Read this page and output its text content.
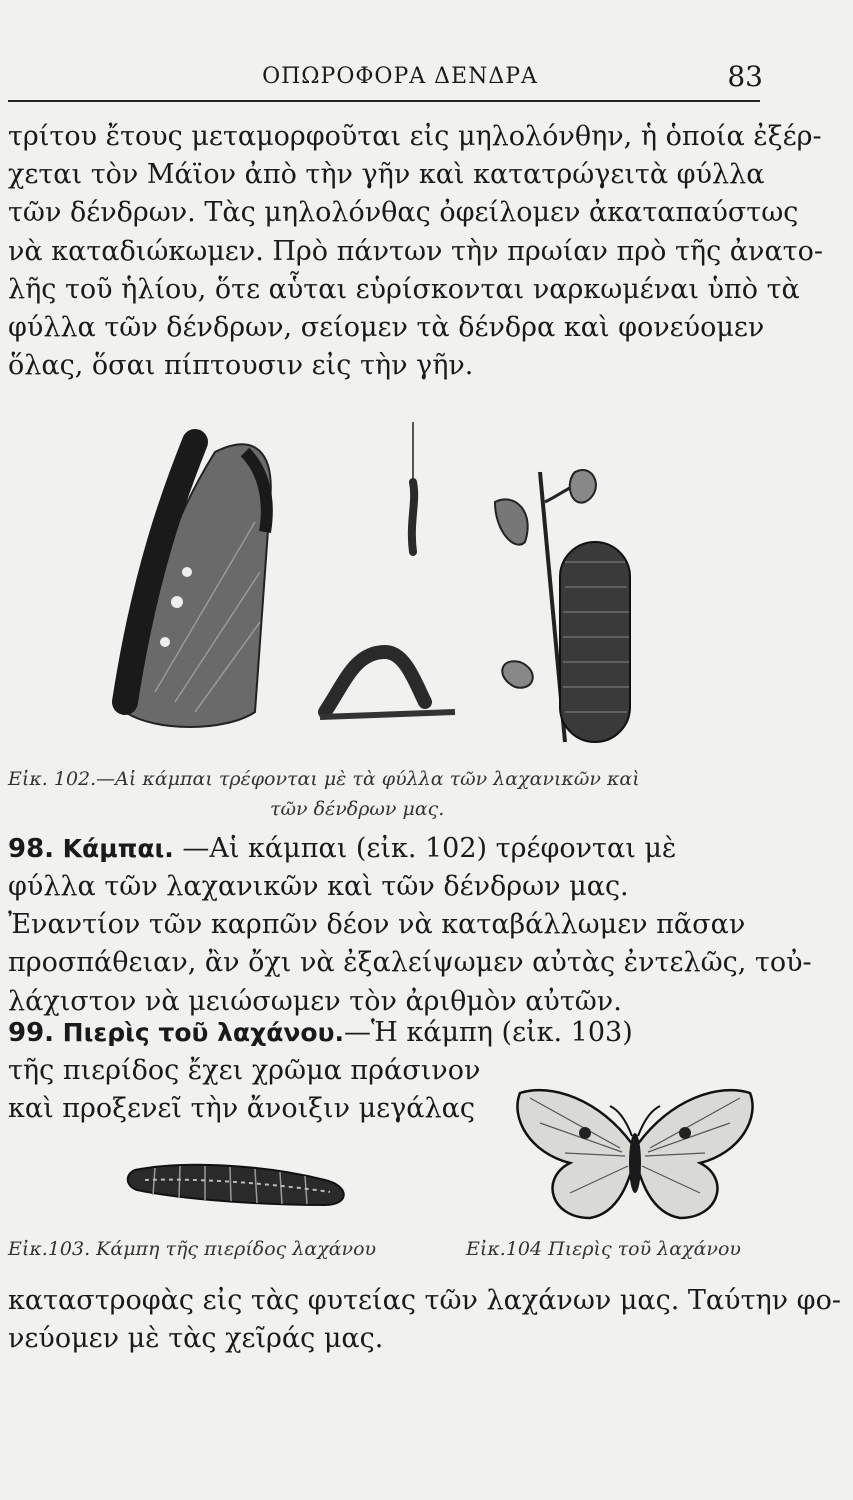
ΟΠΩΡΟΦΟΡΑ ΔΕΝΔΡΑ	83
τρίτου ἔτους μεταμορφοῦται εἰς μηλολόνθην, ἡ ὁποία ἐξέρ-
χεται τὸν Μάϊον ἀπὸ τὴν γῆν καὶ κατατρώγειτὰ φύλλα
τῶν δένδρων. Τὰς μηλολόνθας ὀφείλομεν ἀκαταπαύστως
νὰ καταδιώκωμεν. Πρὸ πάντων τὴν πρωίαν πρὸ τῆς ἀνατο-
λῆς τοῦ ἡλίου, ὅτε αὗται εὑρίσκονται ναρκωμέναι ὑπὸ τὰ
φύλλα τῶν δένδρων, σείομεν τὰ δένδρα καὶ φονεύομεν
ὅλας, ὅσαι πίπτουσιν εἰς τὴν γῆν.
Εἰκ. 102.—Αἱ κάμπαι τρέφονται μὲ τὰ φύλλα τῶν λαχανικῶν καὶ
τῶν δένδρων μας.
98. Κάμπαι. —Αἱ κάμπαι (εἰκ. 102) τρέφονται μὲ
φύλλα τῶν λαχανικῶν καὶ τῶν δένδρων μας.
Ἐναντίον τῶν καρπῶν δέον νὰ καταβάλλωμεν πᾶσαν
προσπάθειαν, ἂν ὄχι νὰ ἐξαλείψωμεν αὐτὰς ἐντελῶς, τοὐ-
λάχιστον νὰ μειώσωμεν τὸν ἀριθμὸν αὐτῶν.
99. Πιερὶς τοῦ λαχάνου.—Ἡ κάμπη (εἰκ. 103)
τῆς πιερίδος ἔχει χρῶμα πράσινον
καὶ προξενεῖ τὴν ἄνοιξιν μεγάλας
Εἰκ.103. Κάμπη τῆς πιερίδος λαχάνου	Εἰκ.104 Πιερὶς τοῦ λαχάνου
καταστροφὰς εἰς τὰς φυτείας τῶν λαχάνων μας. Ταύτην φο-
νεύομεν μὲ τὰς χεῖράς μας.
